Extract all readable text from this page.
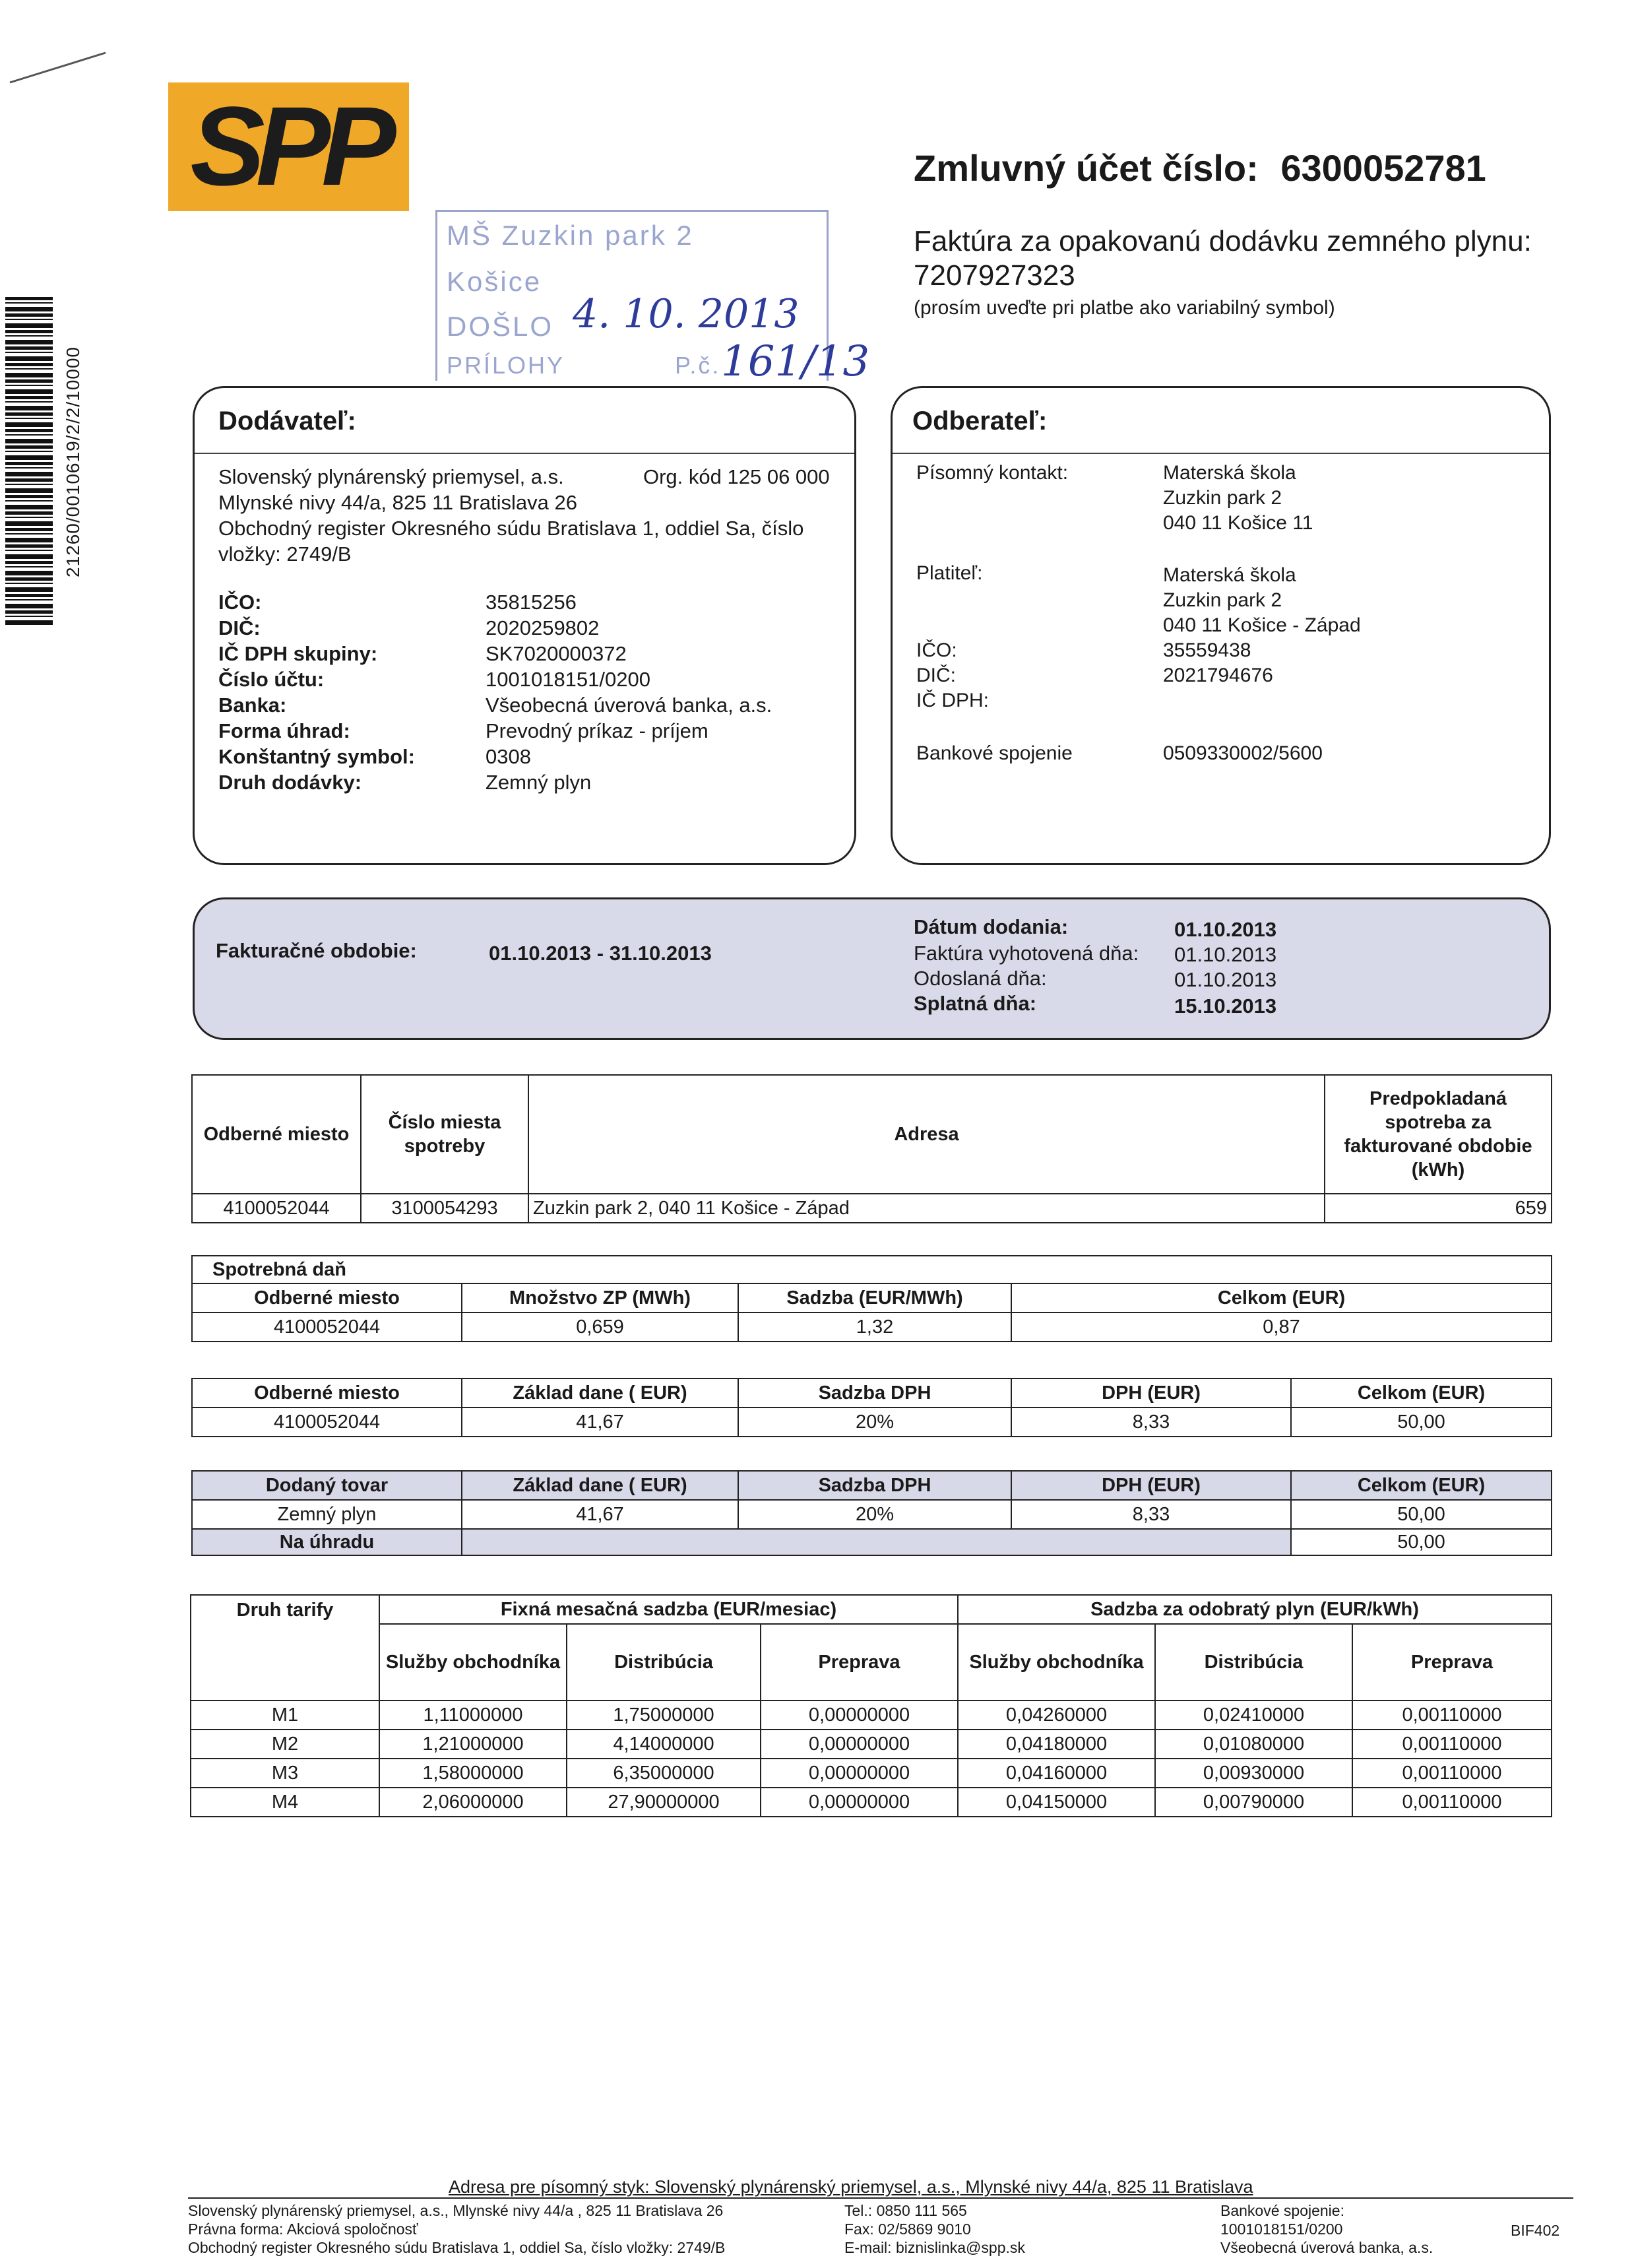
SPP
21260/0010619/2/2/10000
MŠ Zuzkin park 2
Košice
DOŠLO
PRÍLOHY	P.č.
4. 10. 2013
161/13
Zmluvný účet číslo: 6300052781
Faktúra za opakovanú dodávku zemného plynu:
7207927323
(prosím uveďte pri platbe ako variabilný symbol)
Dodávateľ:
Slovenský plynárenský priemysel, a.s.	Org. kód 125 06 000
Mlynské nivy 44/a, 825 11 Bratislava 26
Obchodný register Okresného súdu Bratislava 1, oddiel Sa, číslo
vložky: 2749/B
IČO:	35815256
DIČ:	2020259802
IČ DPH skupiny:	SK7020000372
Číslo účtu:	1001018151/0200
Banka:	Všeobecná úverová banka, a.s.
Forma úhrad:	Prevodný príkaz - príjem
Konštantný symbol:	0308
Druh dodávky:	Zemný plyn
Odberateľ:
Písomný kontakt:	Materská škola
Zuzkin park 2
040 11 Košice 11
Platiteľ:	Materská škola
Zuzkin park 2
040 11 Košice - Západ
IČO:	35559438
DIČ:	2021794676
IČ DPH:
Bankové spojenie	0509330002/5600
Fakturačné obdobie:	01.10.2013 - 31.10.2013
Dátum dodania:	01.10.2013
Faktúra vyhotovená dňa: 01.10.2013
Odoslaná dňa:	01.10.2013
Splatná dňa:	15.10.2013
Odberné miesto	Číslo miesta spotreby	Adresa	Predpokladaná spotreba za fakturované obdobie (kWh)
4100052044	3100054293	Zuzkin park 2, 040 11 Košice - Západ	659
Spotrebná daň			
Odberné miesto	Množstvo ZP (MWh)	Sadzba (EUR/MWh)	Celkom (EUR)
4100052044	0,659	1,32	0,87
Odberné miesto	Základ dane ( EUR)	Sadzba DPH	DPH (EUR)	Celkom (EUR)
4100052044	41,67	20%	8,33	50,00
Dodaný tovar	Základ dane ( EUR)	Sadzba DPH	DPH (EUR)	Celkom (EUR)
Zemný plyn	41,67	20%	8,33	50,00
Na úhradu				50,00
Druh tarify	Fixná mesačná sadzba (EUR/mesiac)			Sadzba za odobratý plyn (EUR/kWh)		
	Služby obchodníka	Distribúcia	Preprava	Služby obchodníka	Distribúcia	Preprava
M1	1,11000000	1,75000000	0,00000000	0,04260000	0,02410000	0,00110000
M2	1,21000000	4,14000000	0,00000000	0,04180000	0,01080000	0,00110000
M3	1,58000000	6,35000000	0,00000000	0,04160000	0,00930000	0,00110000
M4	2,06000000	27,90000000	0,00000000	0,04150000	0,00790000	0,00110000
Adresa pre písomný styk: Slovenský plynárenský priemysel, a.s., Mlynské nivy 44/a, 825 11 Bratislava
Slovenský plynárenský priemysel, a.s., Mlynské nivy 44/a , 825 11 Bratislava 26
Právna forma: Akciová spoločnosť
Obchodný register Okresného súdu Bratislava 1, oddiel Sa, číslo vložky: 2749/B
Tel.: 0850 111 565
Fax: 02/5869 9010
E-mail: biznislinka@spp.sk
Bankové spojenie:
1001018151/0200
Všeobecná úverová banka, a.s.
BIF402
